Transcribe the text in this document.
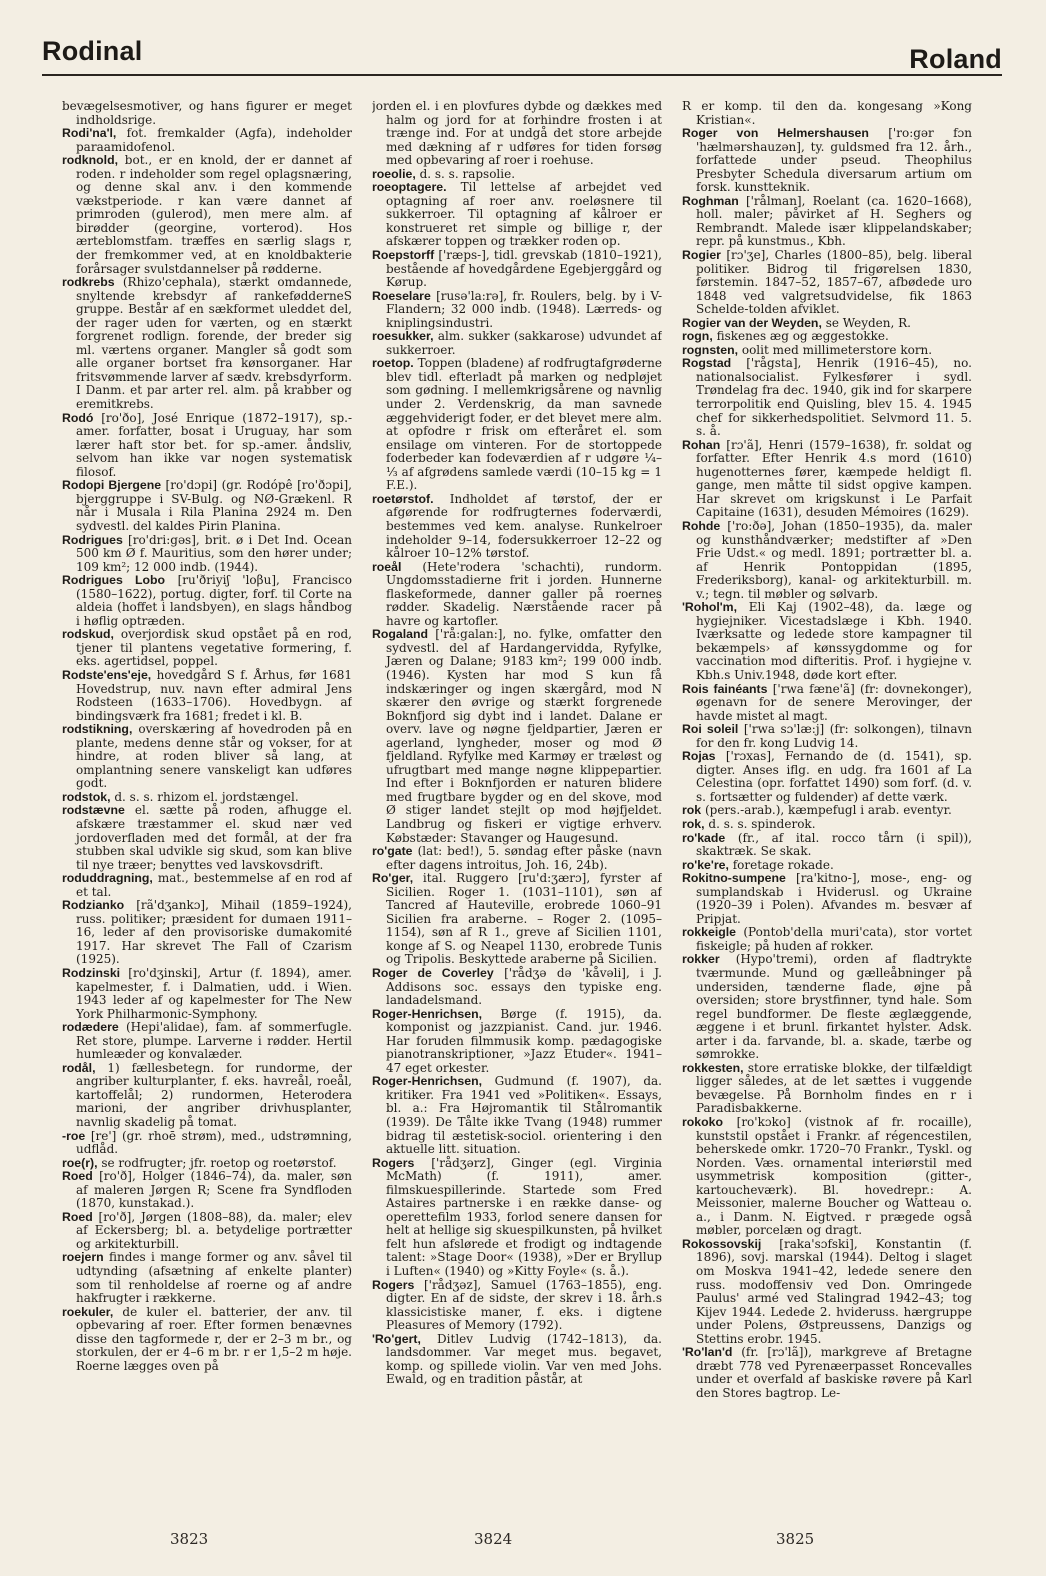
Rodinal	Roland

bevægelsesmotiver, og hans figurer er meget indholdsrige.

Rodi'na'l, fot. fremkalder (Agfa), indeholder paraamidofenol.

rodknold, bot., er en knold, der er dannet af roden. r indeholder som regel oplagsnæring, og denne skal anv. i den kommende vækstperiode. r kan være dannet af primroden (gulerod), men mere alm. af birødder (georgine, vorterod). Hos ærteblomstfam. træffes en særlig slags r, der fremkommer ved, at en knoldbakterie forårsager svulstdannelser på rødderne.

rodkrebs (Rhizo'cephala), stærkt omdannede, snyltende krebsdyr af rankefødderneS gruppe. Består af en sækformet uleddet del, der rager uden for værten, og en stærkt forgrenet rodlign. forende, der breder sig ml. værtens organer. Mangler så godt som alle organer bortset fra kønsorganer. Har fritsvømmende larver af sædv. krebsdyrform. I Danm. et par arter rel. alm. på krabber og eremitkrebs.

Rodó [ro'ðo], José Enrique (1872–1917), sp.-amer. forfatter, bosat i Uruguay, har som lærer haft stor bet. for sp.-amer. åndsliv, selvom han ikke var nogen systematisk filosof.

Rodopi Bjergene [ro'dɔpi] (gr. Rodópê [ro'ðɔpi], bjerggruppe i SV-Bulg. og NØ-Grækenl. R når i Musala i Rila Planina 2924 m. Den sydvestl. del kaldes Pirin Planina.

Rodrigues [ro'dri:gəs], brit. ø i Det Ind. Ocean 500 km Ø f. Mauritius, som den hører under; 109 km²; 12 000 indb. (1944).

Rodrigues Lobo [ru'ðriyiʃ 'loβu], Francisco (1580–1622), portug. digter, forf. til Corte na aldeia (hoffet i landsbyen), en slags håndbog i høflig optræden.

rodskud, overjordisk skud opstået på en rod, tjener til plantens vegetative formering, f. eks. agertidsel, poppel.

Rodste'ens'eje, hovedgård S f. Århus, før 1681 Hovedstrup, nuv. navn efter admiral Jens Rodsteen (1633–1706). Hovedbygn. af bindingsværk fra 1681; fredet i kl. B.

rodstikning, overskæring af hovedroden på en plante, medens denne står og vokser, for at hindre, at roden bliver så lang, at omplantning senere vanskeligt kan udføres godt.

rodstok, d. s. s. rhizom el. jordstængel.

rodstævne el. sætte på roden, afhugge el. afskære træstammer el. skud nær ved jordoverfladen med det formål, at der fra stubben skal udvikle sig skud, som kan blive til nye træer; benyttes ved lavskovsdrift.

roduddragning, mat., bestemmelse af en rod af et tal.

Rodzianko [rã'dʒankɔ], Mihail (1859–1924), russ. politiker; præsident for dumaen 1911–16, leder af den provisoriske dumakomité 1917. Har skrevet The Fall of Czarism (1925).

Rodzinski [ro'dʒinski], Artur (f. 1894), amer. kapelmester, f. i Dalmatien, udd. i Wien. 1943 leder af og kapelmester for The New York Philharmonic-Symphony.

rodædere (Hepi'alidae), fam. af sommerfugle. Ret store, plumpe. Larverne i rødder. Hertil humleæder og konvalæder.

rodål, 1) fællesbetegn. for rundorme, der angriber kulturplanter, f. eks. havreål, roeål, kartoffelål; 2) rundormen, Heterodera marioni, der angriber drivhusplanter, navnlig skadelig på tomat.

-roe [re'] (gr. rhoē strøm), med., udstrømning, udflåd.

roe(r), se rodfrugter; jfr. roetop og roetørstof.

Roed [ro'ð], Holger (1846–74), da. maler, søn af maleren Jørgen R; Scene fra Syndfloden (1870, kunstakad.).

Roed [ro'ð], Jørgen (1808–88), da. maler; elev af Eckersberg; bl. a. betydelige portrætter og arkitekturbill.

roejern findes i mange former og anv. såvel til udtynding (afsætning af enkelte planter) som til renholdelse af roerne og af andre hakfrugter i rækkerne.

roekuler, de kuler el. batterier, der anv. til opbevaring af roer. Efter formen benævnes disse den tagformede r, der er 2–3 m br., og storkulen, der er 4–6 m br. r er 1,5–2 m høje. Roerne lægges oven på

jorden el. i en plovfures dybde og dækkes med halm og jord for at forhindre frosten i at trænge ind. For at undgå det store arbejde med dækning af r udføres for tiden forsøg med opbevaring af roer i roehuse.

roeolie, d. s. s. rapsolie.

roeoptagere. Til lettelse af arbejdet ved optagning af roer anv. roeløsnere til sukkerroer. Til optagning af kålroer er konstrueret ret simple og billige r, der afskærer toppen og trækker roden op.

Roepstorff ['ræps-], tidl. grevskab (1810–1921), bestående af hovedgårdene Egebjerggård og Kørup.

Roeselare [rusə'la:rə], fr. Roulers, belg. by i V-Flandern; 32 000 indb. (1948). Lærreds- og kniplingsindustri.

roesukker, alm. sukker (sakkarose) udvundet af sukkerroer.

roetop. Toppen (bladene) af rodfrugtafgrøderne blev tidl. efterladt på marken og nedpløjet som gødning. I mellemkrigsårene og navnlig under 2. Verdenskrig, da man savnede æggehviderigt foder, er det blevet mere alm. at opfodre r frisk om efteråret el. som ensilage om vinteren. For de stortoppede foderbeder kan fodeværdien af r udgøre ¼–⅓ af afgrødens samlede værdi (10–15 kg = 1 F.E.).

roetørstof. Indholdet af tørstof, der er afgørende for rodfrugternes foderværdi, bestemmes ved kem. analyse. Runkelroer indeholder 9–14, fodersukkerroer 12–22 og kålroer 10–12% tørstof.

roeål (Hete'rodera 'schachti), rundorm. Ungdomsstadierne frit i jorden. Hunnerne flaskeformede, danner galler på roernes rødder. Skadelig. Nærstående racer på havre og kartofler.

Rogaland ['rå:galan:], no. fylke, omfatter den sydvestl. del af Hardangervidda, Ryfylke, Jæren og Dalane; 9183 km²; 199 000 indb. (1946). Kysten har mod S kun få indskæringer og ingen skærgård, mod N skærer den øvrige og stærkt forgrenede Boknfjord sig dybt ind i landet. Dalane er overv. lave og nøgne fjeldpartier, Jæren er agerland, lyngheder, moser og mod Ø fjeldland. Ryfylke med Karmøy er træløst og ufrugtbart med mange nøgne klippepartier. Ind efter i Boknfjorden er naturen blidere med frugtbare bygder og en del skove, mod Ø stiger landet stejlt op mod højfjeldet. Landbrug og fiskeri er vigtige erhverv. Købstæder: Stavanger og Haugesund.

ro'gate (lat: bed!), 5. søndag efter påske (navn efter dagens introitus, Joh. 16, 24b).

Ro'ger, ital. Ruggero [ru'd:ʒærɔ], fyrster af Sicilien. Roger 1. (1031–1101), søn af Tancred af Hauteville, erobrede 1060–91 Sicilien fra araberne. – Roger 2. (1095–1154), søn af R 1., greve af Sicilien 1101, konge af S. og Neapel 1130, erobrede Tunis og Tripolis. Beskyttede araberne på Sicilien.

Roger de Coverley ['rådʒə də 'kåvəli], i J. Addisons soc. essays den typiske eng. landadelsmand.

Roger-Henrichsen, Børge (f. 1915), da. komponist og jazzpianist. Cand. jur. 1946. Har foruden filmmusik komp. pædagogiske pianotranskriptioner, »Jazz Etuder«. 1941–47 eget orkester.

Roger-Henrichsen, Gudmund (f. 1907), da. kritiker. Fra 1941 ved »Politiken«. Essays, bl. a.: Fra Højromantik til Stålromantik (1939). De Tålte ikke Tvang (1948) rummer bidrag til æstetisk-sociol. orientering i den aktuelle litt. situation.

Rogers ['rådʒərz], Ginger (egl. Virginia McMath) (f. 1911), amer. filmskuespillerinde. Startede som Fred Astaires partnerske i en række danse- og operettefilm 1933, forlod senere dansen for helt at hellige sig skuespilkunsten, på hvilket felt hun afslørede et frodigt og indtagende talent: »Stage Door« (1938), »Der er Bryllup i Luften« (1940) og »Kitty Foyle« (s. å.).

Rogers ['rådʒəz], Samuel (1763–1855), eng. digter. En af de sidste, der skrev i 18. årh.s klassicistiske maner, f. eks. i digtene Pleasures of Memory (1792).

'Ro'gert, Ditlev Ludvig (1742–1813), da. landsdommer. Var meget mus. begavet, komp. og spillede violin. Var ven med Johs. Ewald, og en tradition påstår, at

R er komp. til den da. kongesang »Kong Kristian«.

Roger von Helmershausen ['ro:gər fɔn 'hælmərshauzən], ty. guldsmed fra 12. årh., forfattede under pseud. Theophilus Presbyter Schedula diversarum artium om forsk. kunstteknik.

Roghman ['rålman], Roelant (ca. 1620–1668), holl. maler; påvirket af H. Seghers og Rembrandt. Malede især klippelandskaber; repr. på kunstmus., Kbh.

Rogier [rɔ'ʒe], Charles (1800–85), belg. liberal politiker. Bidrog til frigørelsen 1830, førstemin. 1847–52, 1857–67, afbødede uro 1848 ved valgretsudvidelse, fik 1863 Schelde-tolden afviklet.

Rogier van der Weyden, se Weyden, R.

rogn, fiskenes æg og æggestokke.

rognsten, oolit med millimeterstore korn.

Rogstad ['rågsta], Henrik (1916–45), no. nationalsocialist. Fylkesfører i sydl. Trøndelag fra dec. 1940, gik ind for skarpere terrorpolitik end Quisling, blev 15. 4. 1945 chef for sikkerhedspolitiet. Selvmord 11. 5. s. å.

Rohan [rɔ'ã], Henri (1579–1638), fr. soldat og forfatter. Efter Henrik 4.s mord (1610) hugenotternes fører, kæmpede heldigt fl. gange, men måtte til sidst opgive kampen. Har skrevet om krigskunst i Le Parfait Capitaine (1631), desuden Mémoires (1629).

Rohde ['ro:ðə], Johan (1850–1935), da. maler og kunsthåndværker; medstifter af »Den Frie Udst.« og medl. 1891; portrætter bl. a. af Henrik Pontoppidan (1895, Frederiksborg), kanal- og arkitekturbill. m. v.; tegn. til møbler og sølvarb.

'Rohol'm, Eli Kaj (1902–48), da. læge og hygiejniker. Vicestadslæge i Kbh. 1940. Iværksatte og ledede store kampagner til bekæmpels› af kønssygdomme og for vaccination mod difteritis. Prof. i hygiejne v. Kbh.s Univ.1948, døde kort efter.

Rois fainéants ['rwa fæne'ã] (fr: dovnekonger), øgenavn for de senere Merovinger, der havde mistet al magt.

Roi soleil ['rwa sɔ'læ:j] (fr: solkongen), tilnavn for den fr. kong Ludvig 14.

Rojas ['rɔxas], Fernando de (d. 1541), sp. digter. Anses iflg. en udg. fra 1601 af La Celestina (opr. forfattet 1490) som forf. (d. v. s. fortsætter og fuldender) af dette værk.

rok (pers.-arab.), kæmpefugl i arab. eventyr.

rok, d. s. s. spinderok.

ro'kade (fr., af ital. rocco tårn (i spil)), skaktræk. Se skak.

ro'ke're, foretage rokade.

Rokitno-sumpene [ra'kitno-], mose-, eng- og sumplandskab i Hviderusl. og Ukraine (1920–39 i Polen). Afvandes m. besvær af Pripjat.

rokkeigle (Pontob'della muri'cata), stor vortet fiskeigle; på huden af rokker.

rokker (Hypo'tremi), orden af fladtrykte tværmunde. Mund og gælleåbninger på undersiden, tænderne flade, øjne på oversiden; store brystfinner, tynd hale. Som regel bundformer. De fleste æglæggende, æggene i et brunl. firkantet hylster. Adsk. arter i da. farvande, bl. a. skade, tærbe og sømrokke.

rokkesten, store erratiske blokke, der tilfældigt ligger således, at de let sættes i vuggende bevægelse. På Bornholm findes en r i Paradisbakkerne.

rokoko [ro'kɔko] (vistnok af fr. rocaille), kunststil opstået i Frankr. af régencestilen, beherskede omkr. 1720–70 Frankr., Tyskl. og Norden. Væs. ornamental interiørstil med usymmetrisk komposition (gitter-, kartoucheværk). Bl. hovedrepr.: A. Meissonier, malerne Boucher og Watteau o. a., i Danm. N. Eigtved. r prægede også møbler, porcelæn og dragt.

Rokossovskij [raka'sɔfski], Konstantin (f. 1896), sovj. marskal (1944). Deltog i slaget om Moskva 1941–42, ledede senere den russ. modoffensiv ved Don. Omringede Paulus' armé ved Stalingrad 1942–43; tog Kijev 1944. Ledede 2. hvideruss. hærgruppe under Polens, Østpreussens, Danzigs og Stettins erobr. 1945.

'Ro'lan'd (fr. [rɔ'lã]), markgreve af Bretagne dræbt 778 ved Pyrenæerpasset Roncevalles under et overfald af baskiske røvere på Karl den Stores bagtrop. Le-

3823	3824	3825
